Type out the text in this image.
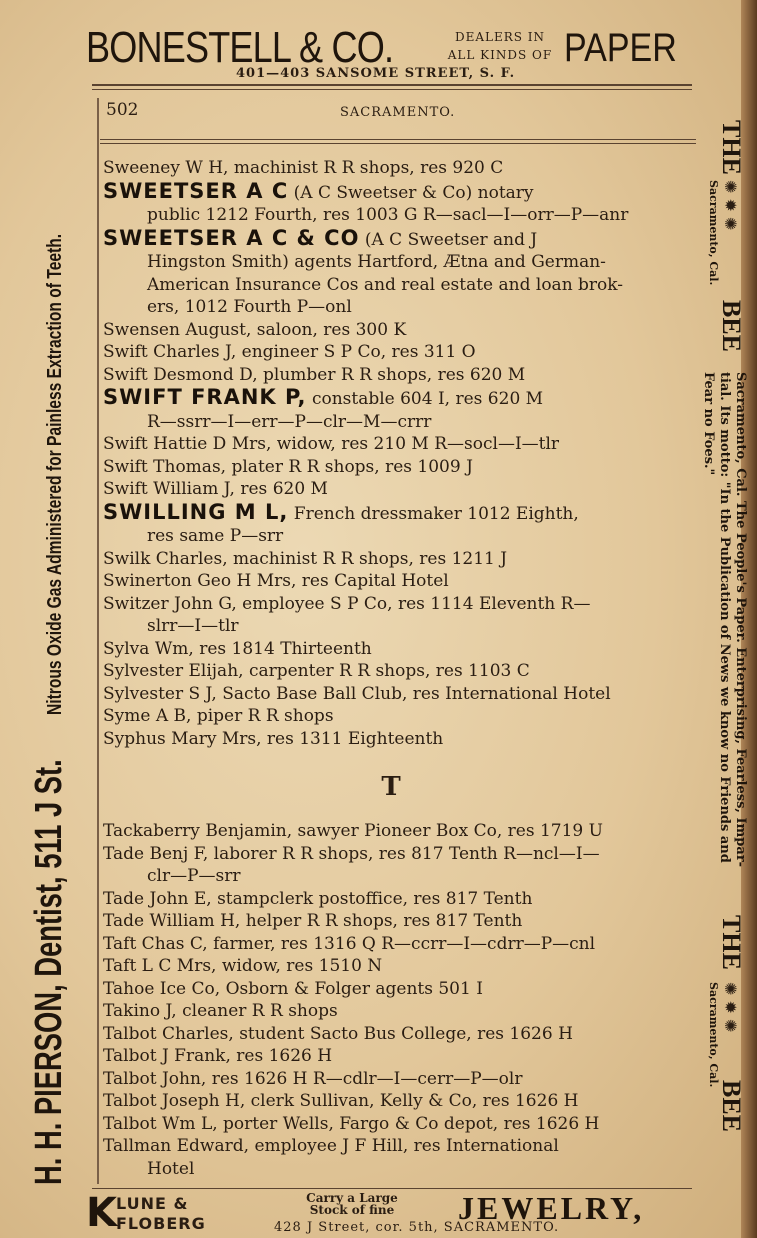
BONESTELL & CO.	DEALERS IN
ALL KINDS OF PAPER
401—403 SANSOME STREET, S. F.
502	SACRAMENTO.
H. H. PIERSON, Dentist, 511 J St.
Nitrous Oxide Gas Administered for Painless Extraction of Teeth.
THE
✺ ✹ ✺
Sacramento, Cal.
BEE
Sacramento, Cal. The People's Paper. Enterprising, Fearless, Impar-
tial. Its motto: "In the Publication of News we know no Friends and
Fear no Foes."
THE
✺ ✹ ✺
Sacramento, Cal.
BEE
Sweeney W H, machinist R R shops, res 920 C
SWEETSER A C (A C Sweetser & Co) notary
public 1212 Fourth, res 1003 G R—sacl—I—orr—P—anr
SWEETSER A C & CO (A C Sweetser and J
Hingston Smith) agents Hartford, Ætna and German-
American Insurance Cos and real estate and loan brok-
ers, 1012 Fourth P—onl
Swensen August, saloon, res 300 K
Swift Charles J, engineer S P Co, res 311 O
Swift Desmond D, plumber R R shops, res 620 M
SWIFT FRANK P, constable 604 I, res 620 M
R—ssrr—I—err—P—clr—M—crrr
Swift Hattie D Mrs, widow, res 210 M R—socl—I—tlr
Swift Thomas, plater R R shops, res 1009 J
Swift William J, res 620 M
SWILLING M L, French dressmaker 1012 Eighth,
res same P—srr
Swilk Charles, machinist R R shops, res 1211 J
Swinerton Geo H Mrs, res Capital Hotel
Switzer John G, employee S P Co, res 1114 Eleventh R—
slrr—I—tlr
Sylva Wm, res 1814 Thirteenth
Sylvester Elijah, carpenter R R shops, res 1103 C
Sylvester S J, Sacto Base Ball Club, res International Hotel
Syme A B, piper R R shops
Syphus Mary Mrs, res 1311 Eighteenth
T
Tackaberry Benjamin, sawyer Pioneer Box Co, res 1719 U
Tade Benj F, laborer R R shops, res 817 Tenth R—ncl—I—
clr—P—srr
Tade John E, stampclerk postoffice, res 817 Tenth
Tade William H, helper R R shops, res 817 Tenth
Taft Chas C, farmer, res 1316 Q R—ccrr—I—cdrr—P—cnl
Taft L C Mrs, widow, res 1510 N
Tahoe Ice Co, Osborn & Folger agents 501 I
Takino J, cleaner R R shops
Talbot Charles, student Sacto Bus College, res 1626 H
Talbot J Frank, res 1626 H
Talbot John, res 1626 H R—cdlr—I—cerr—P—olr
Talbot Joseph H, clerk Sullivan, Kelly & Co, res 1626 H
Talbot Wm L, porter Wells, Fargo & Co depot, res 1626 H
Tallman Edward, employee J F Hill, res International
Hotel
K LUNE &
FLOBERG
Carry a Large
Stock of fine	JEWELRY,
428 J Street, cor. 5th, SACRAMENTO.
